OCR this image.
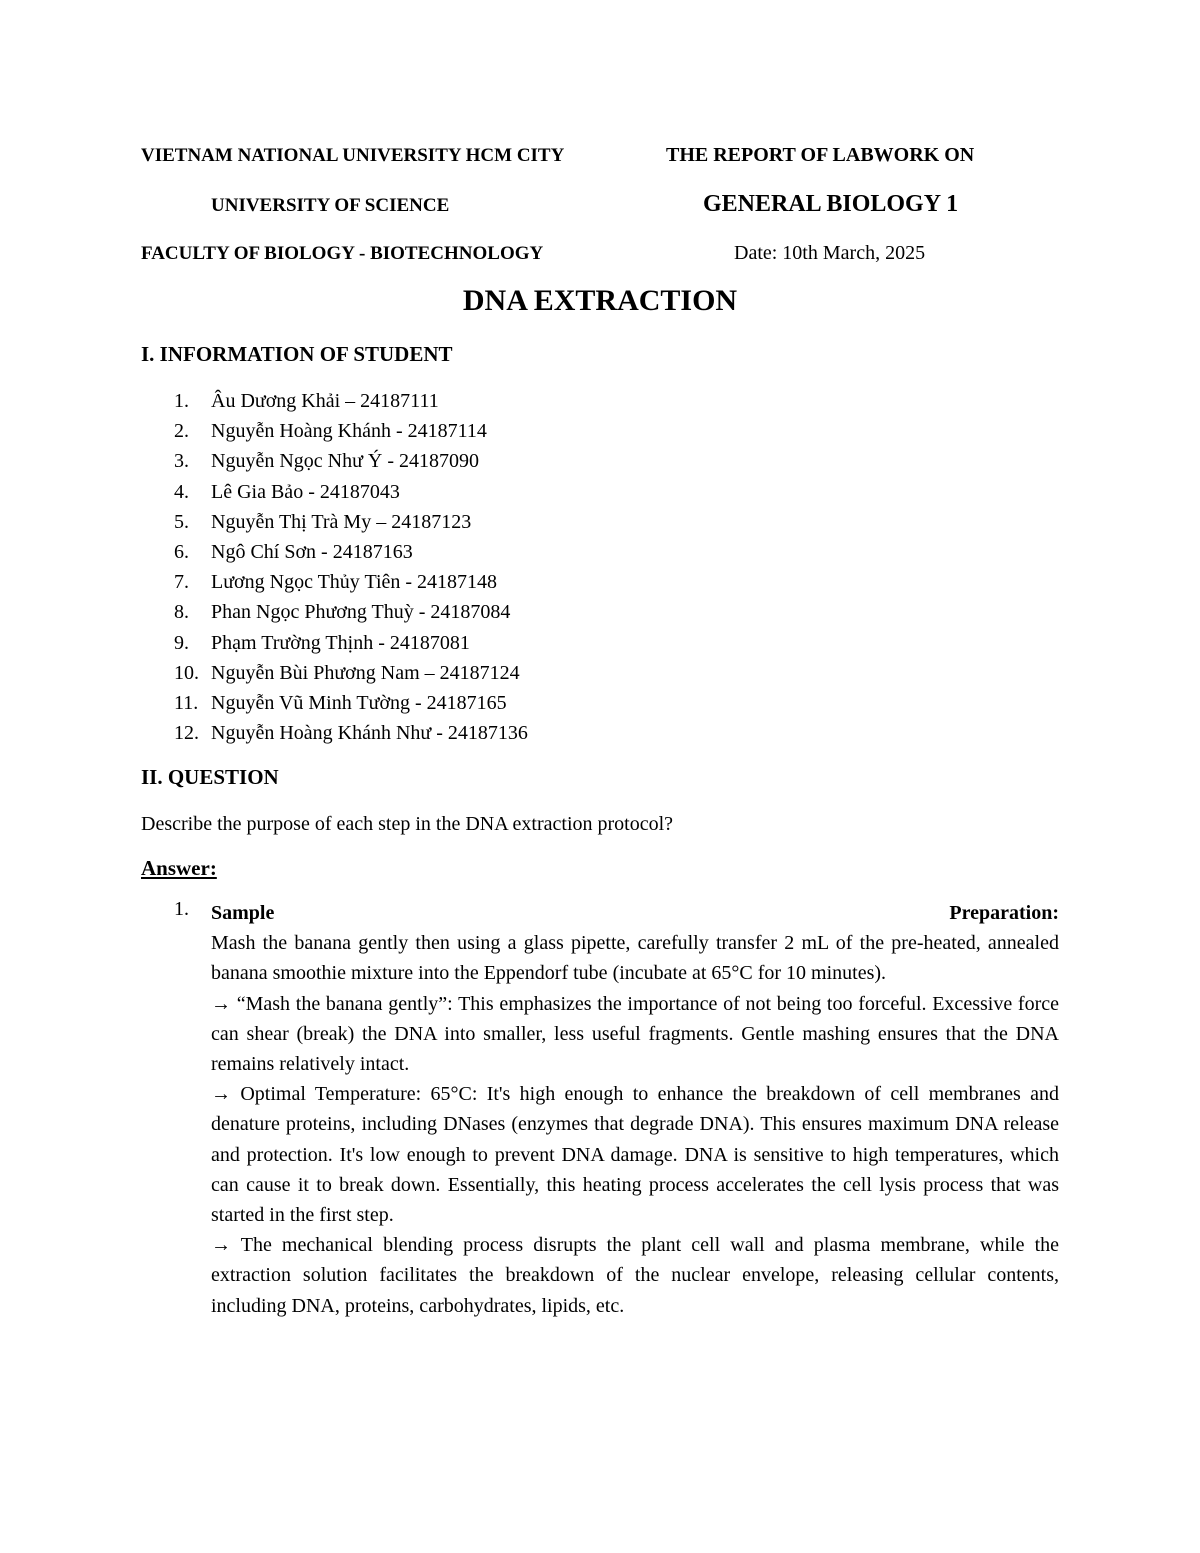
VIETNAM NATIONAL UNIVERSITY HCM CITY
UNIVERSITY OF SCIENCE
FACULTY OF BIOLOGY - BIOTECHNOLOGY
THE REPORT OF LABWORK ON
GENERAL BIOLOGY 1
Date: 10th March, 2025
DNA EXTRACTION
I. INFORMATION OF STUDENT
1.	Âu Dương Khải – 24187111
2.	Nguyễn Hoàng Khánh - 24187114
3.	Nguyễn Ngọc Như Ý - 24187090
4.	Lê Gia Bảo - 24187043
5.	Nguyễn Thị Trà My – 24187123
6.	Ngô Chí Sơn - 24187163
7.	Lương Ngọc Thủy Tiên - 24187148
8.	Phan Ngọc Phương Thuỳ - 24187084
9.	Phạm Trường Thịnh - 24187081
10. Nguyễn Bùi Phương Nam – 24187124
11. Nguyễn Vũ Minh Tường - 24187165
12. Nguyễn Hoàng Khánh Như - 24187136
II. QUESTION
Describe the purpose of each step in the DNA extraction protocol?
Answer:
1. Sample	Preparation:

Mash the banana gently then using a glass pipette, carefully transfer 2 mL of the pre-heated, annealed banana smoothie mixture into the Eppendorf tube (incubate at 65°C for 10 minutes).

→ “Mash the banana gently”: This emphasizes the importance of not being too forceful. Excessive force can shear (break) the DNA into smaller, less useful fragments. Gentle mashing ensures that the DNA remains relatively intact.

→ Optimal Temperature: 65°C: It's high enough to enhance the breakdown of cell membranes and denature proteins, including DNases (enzymes that degrade DNA). This ensures maximum DNA release and protection. It's low enough to prevent DNA damage. DNA is sensitive to high temperatures, which can cause it to break down. Essentially, this heating process accelerates the cell lysis process that was started in the first step.

→ The mechanical blending process disrupts the plant cell wall and plasma membrane, while the extraction solution facilitates the breakdown of the nuclear envelope, releasing cellular contents, including DNA, proteins, carbohydrates, lipids, etc.
